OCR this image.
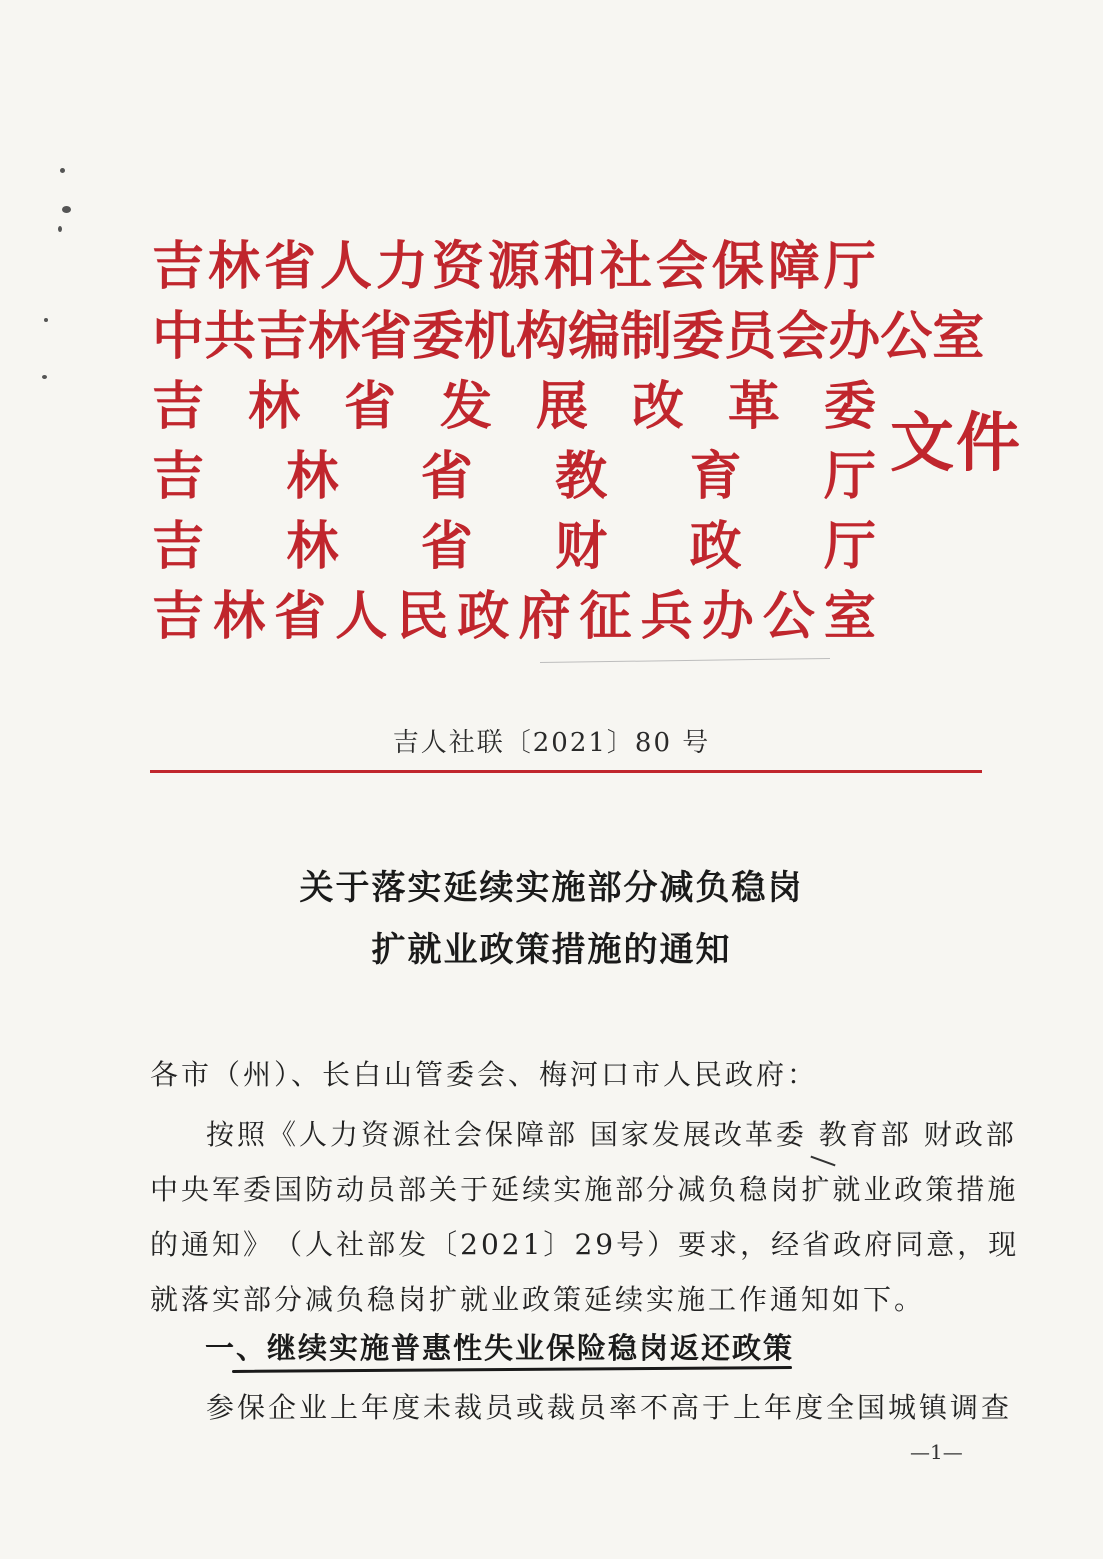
吉 林 省 人 力 资 源 和 社 会 保 障 厅
中 共 吉 林 省 委 机 构 编 制 委 员 会 办 公 室
吉 林 省 发 展 改 革 委
吉 林 省 教 育 厅
吉 林 省 财 政 厅
吉 林 省 人 民 政 府 征 兵 办 公 室
文件
吉人社联〔2021〕80 号
关于落实延续实施部分减负稳岗
扩就业政策措施的通知
各市（州）、长白山管委会、梅河口市人民政府：
按照《人力资源社会保障部 国家发展改革委 教育部 财政部
中 央 军 委 国 防 动 员 部 关 于 延 续 实 施 部 分 减 负 稳 岗 扩 就 业 政 策 措 施
的 通 知 》 （ 人 社 部 发 〔 2021 〕 29 号 ） 要 求 ， 经 省 政 府 同 意 ， 现
就落实部分减负稳岗扩就业政策延续实施工作通知如下。
一、继续实施普惠性失业保险稳岗返还政策
参保企业上年度未裁员或裁员率不高于上年度全国城镇调查
—1—
